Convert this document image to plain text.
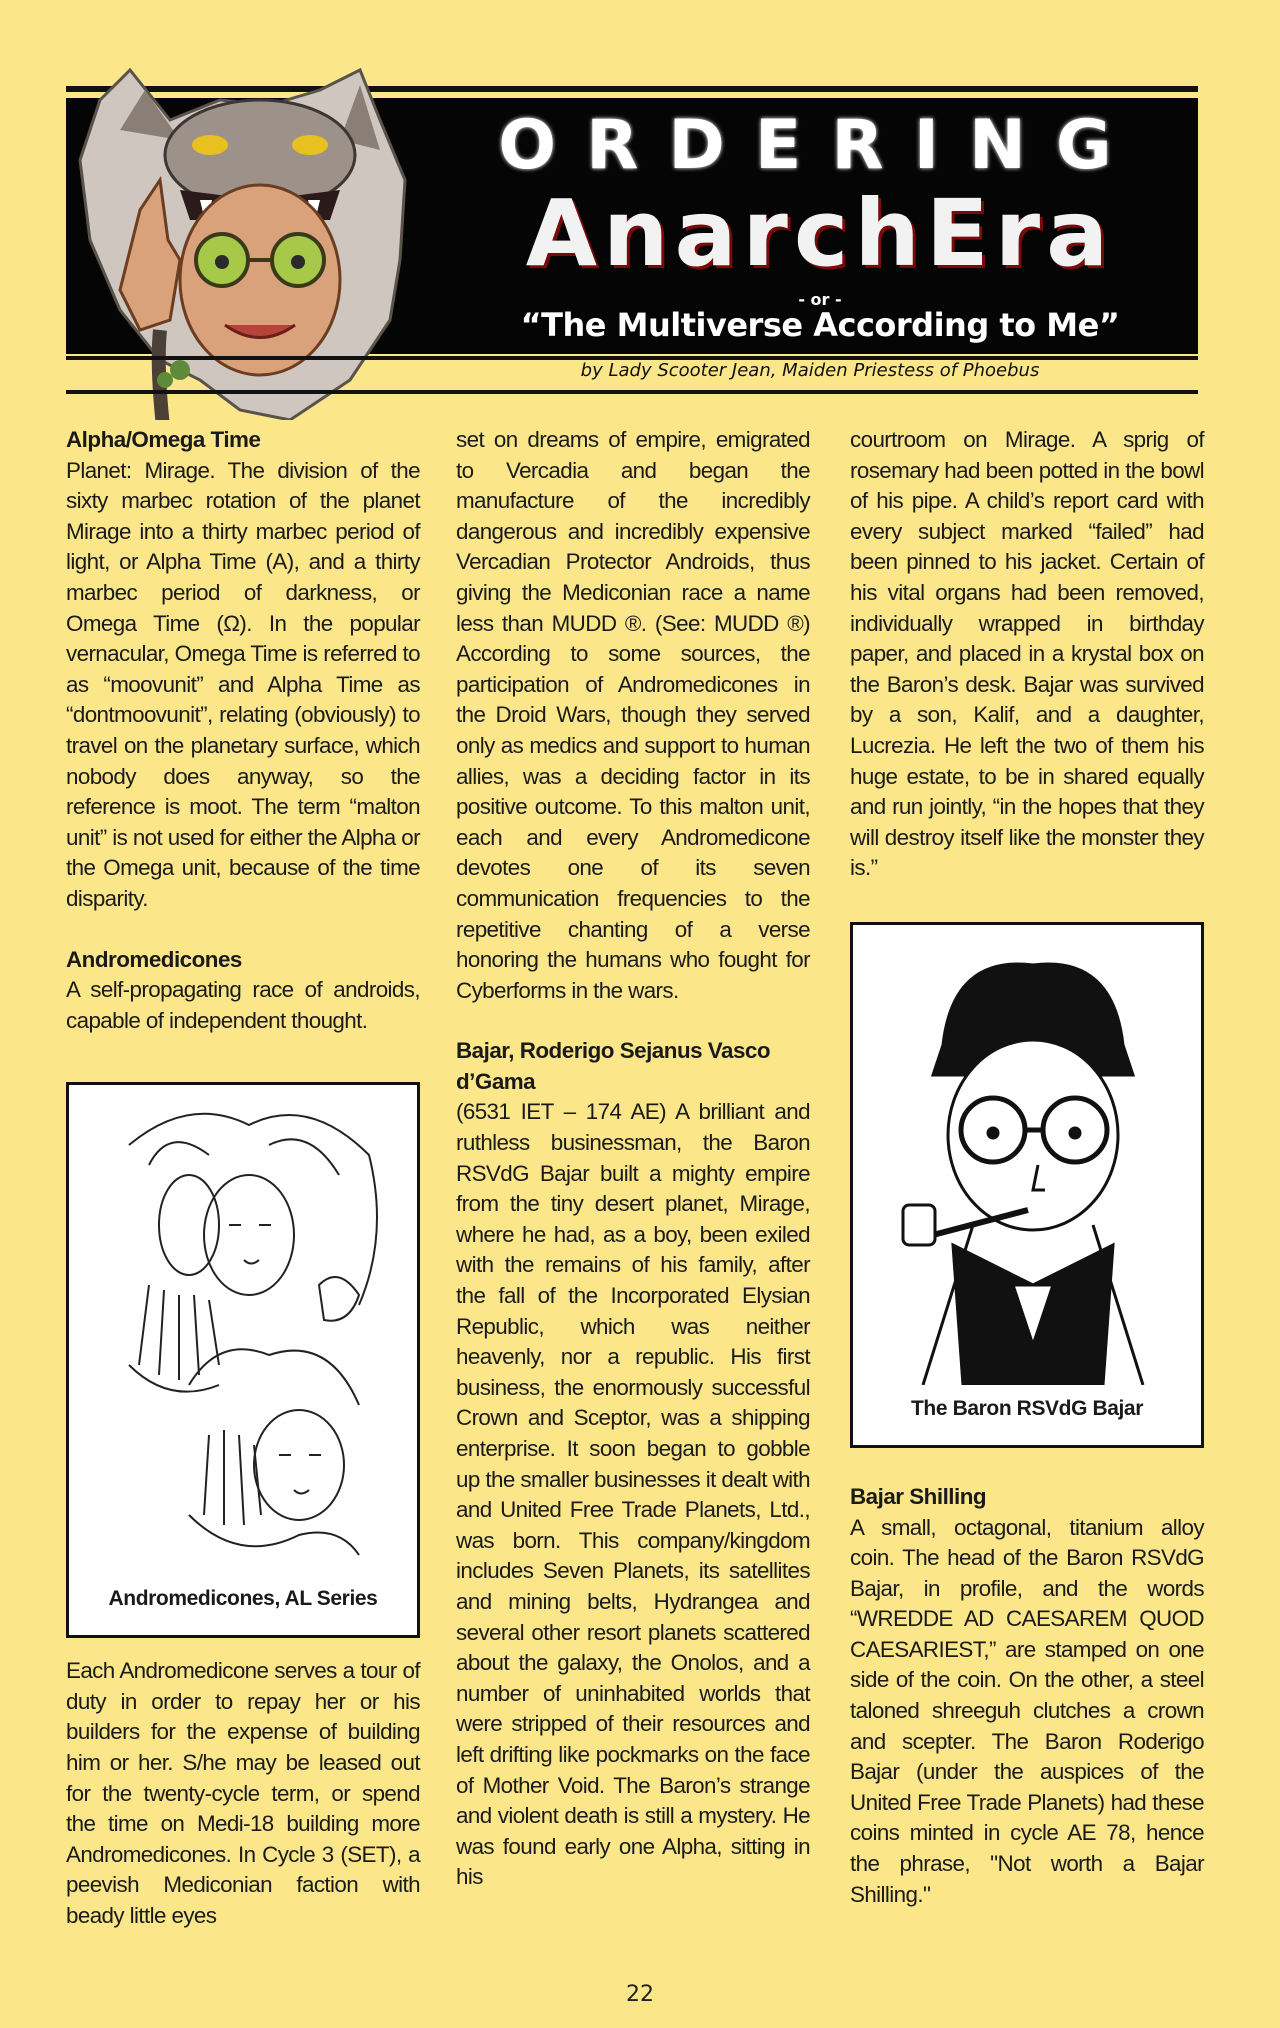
ORDERING
AnarchEra
- or -
“The Multiverse According to Me”
by Lady Scooter Jean, Maiden Priestess of Phoebus
Alpha/Omega Time

Planet: Mirage. The division of the sixty marbec rotation of the planet Mirage into a thirty marbec period of light, or Alpha Time (A), and a thirty marbec period of darkness, or Omega Time (Ω). In the popular vernacular, Omega Time is referred to as “moovunit” and Alpha Time as “dontmoovunit”, relating (obviously) to travel on the planetary surface, which nobody does anyway, so the reference is moot. The term “malton unit” is not used for either the Alpha or the Omega unit, because of the time disparity.

Andromedicones

A self-propagating race of androids, capable of independent thought.

Andromedicones, AL Series

Each Andromedicone serves a tour of duty in order to repay her or his builders for the expense of building him or her. S/he may be leased out for the twenty-cycle term, or spend the time on Medi-18 building more Andromedicones. In Cycle 3 (SET), a peevish Mediconian faction with beady little eyes

set on dreams of empire, emigrated to Vercadia and began the manufacture of the incredibly dangerous and incredibly expensive Vercadian Protector Androids, thus giving the Mediconian race a name less than MUDD ®. (See: MUDD ®) According to some sources, the participation of Andromedicones in the Droid Wars, though they served only as medics and support to human allies, was a deciding factor in its positive outcome. To this malton unit, each and every Andromedicone devotes one of its seven communication frequencies to the repetitive chanting of a verse honoring the humans who fought for Cyberforms in the wars.

Bajar, Roderigo Sejanus Vasco d’Gama

(6531 IET – 174 AE) A brilliant and ruthless businessman, the Baron RSVdG Bajar built a mighty empire from the tiny desert planet, Mirage, where he had, as a boy, been exiled with the remains of his family, after the fall of the Incorporated Elysian Republic, which was neither heavenly, nor a republic. His first business, the enormously successful Crown and Sceptor, was a shipping enterprise. It soon began to gobble up the smaller businesses it dealt with and United Free Trade Planets, Ltd., was born. This company/kingdom includes Seven Planets, its satellites and mining belts, Hydrangea and several other resort planets scattered about the galaxy, the Onolos, and a number of uninhabited worlds that were stripped of their resources and left drifting like pockmarks on the face of Mother Void. The Baron’s strange and violent death is still a mystery. He was found early one Alpha, sitting in his

courtroom on Mirage. A sprig of rosemary had been potted in the bowl of his pipe. A child’s report card with every subject marked “failed” had been pinned to his jacket. Certain of his vital organs had been removed, individually wrapped in birthday paper, and placed in a krystal box on the Baron’s desk. Bajar was survived by a son, Kalif, and a daughter, Lucrezia. He left the two of them his huge estate, to be in shared equally and run jointly, “in the hopes that they will destroy itself like the monster they is.”

The Baron RSVdG Bajar
Bajar Shilling

A small, octagonal, titanium alloy coin. The head of the Baron RSVdG Bajar, in profile, and the words “WREDDE AD CAESAREM QUOD CAESARIEST,” are stamped on one side of the coin. On the other, a steel taloned shreeguh clutches a crown and scepter. The Baron Roderigo Bajar (under the auspices of the United Free Trade Planets) had these coins minted in cycle AE 78, hence the phrase, "Not worth a Bajar Shilling."

22
